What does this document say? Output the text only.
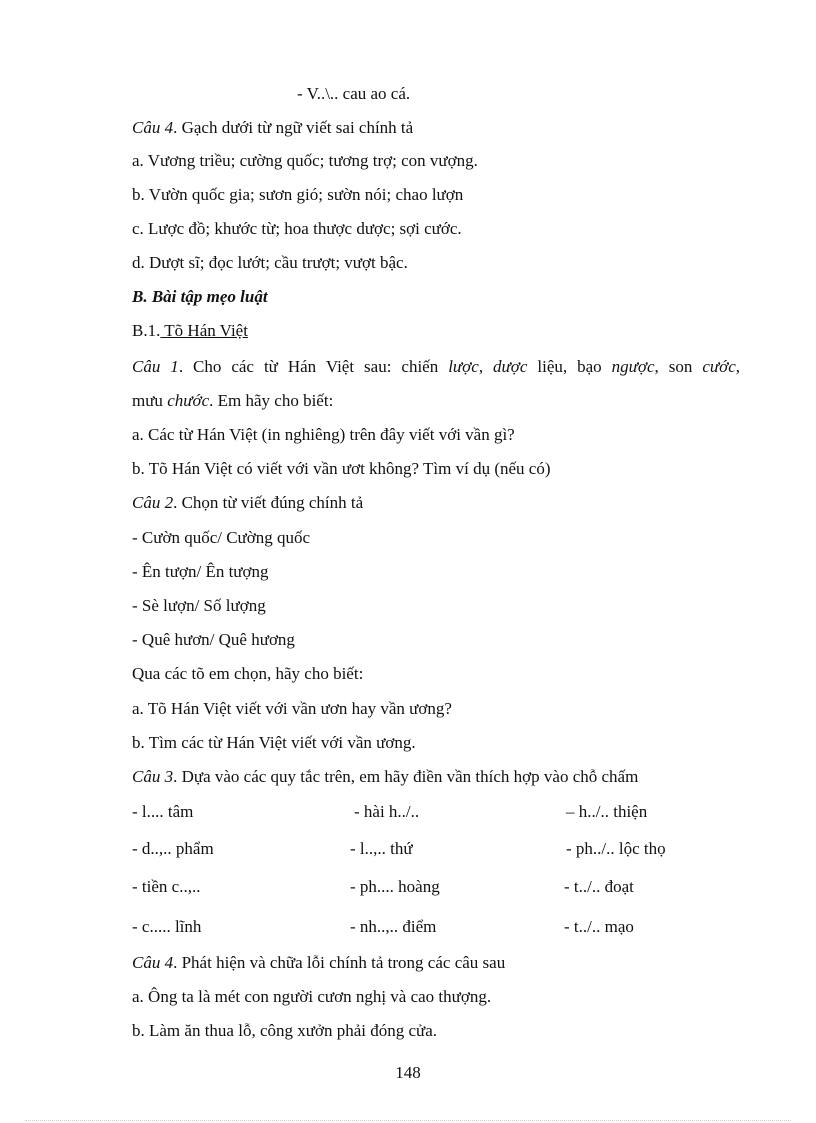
- V..\.. cau ao cá.
Câu 4. Gạch dưới từ ngữ viết sai chính tả
a. Vương triều; cường quốc; tương trợ; con vượng.
b. Vườn quốc gia; sươn gió; sườn nói; chao lượn
c. Lược đồ; khước từ; hoa thược dược; sợi cước.
d. Dượt sĩ; đọc lướt; cầu trượt; vượt bậc.
B. Bài tập mẹo luật
B.1. Tõ Hán Việt
Câu 1. Cho các từ Hán Việt sau: chiến lược, dược liệu, bạo ngược, son cước,
mưu chước. Em hãy cho biết:
a. Các từ Hán Việt (in nghiêng) trên đây viết với vần gì?
b. Tõ Hán Việt có viết với vần ươt không? Tìm ví dụ (nếu có)
Câu 2. Chọn từ viết đúng chính tả
- Cườn quốc/ Cường quốc
- Ên tượn/ Ên tượng
- Sè lượn/ Số lượng
- Quê hươn/ Quê hương
Qua các tõ em chọn, hãy cho biết:
a. Tõ Hán Việt viết với vần ươn hay vần ương?
b. Tìm các từ Hán Việt viết với vần ương.
Câu 3. Dựa vào các quy tắc trên, em hãy điền vần thích hợp vào chỗ chấm
- l.... tâm	- hài h../..	– h../.. thiện
- d..,.. phẩm	- l..,.. thứ	- ph../.. lộc thọ
- tiền c..,..	- ph.... hoàng	- t../.. đoạt
- c..... lĩnh	- nh..,.. điểm	- t../.. mạo
Câu 4. Phát hiện và chữa lỗi chính tả trong các câu sau
a. Ông ta là mét con người cươn nghị và cao thượng.
b. Làm ăn thua lỗ, công xưởn phải đóng cửa.
148
